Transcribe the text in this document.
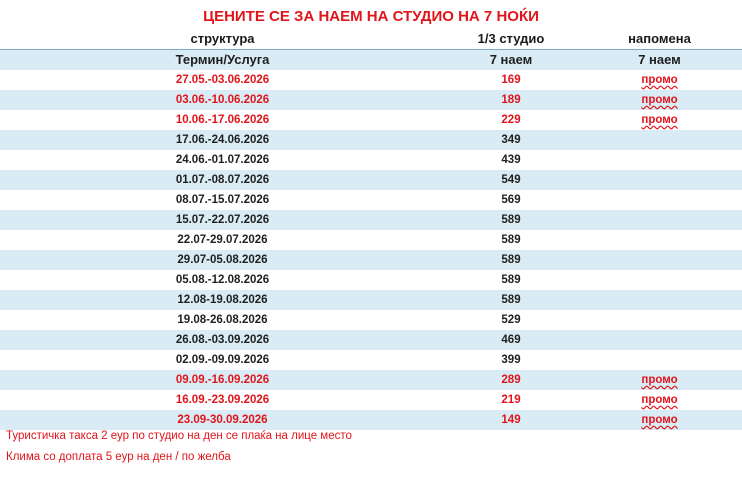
ЦЕНИТЕ СЕ ЗА НАЕМ НА СТУДИО НА 7 НОЌИ
структура	1/3 студио	напомена
Термин/Услуга	7 наем	7 наем
27.05.-03.06.2026	169	промо
03.06.-10.06.2026	189	промо
10.06.-17.06.2026	229	промо
17.06.-24.06.2026	349
24.06.-01.07.2026	439
01.07.-08.07.2026	549
08.07.-15.07.2026	569
15.07.-22.07.2026	589
22.07-29.07.2026	589
29.07-05.08.2026	589
05.08.-12.08.2026	589
12.08-19.08.2026	589
19.08-26.08.2026	529
26.08.-03.09.2026	469
02.09.-09.09.2026	399
09.09.-16.09.2026	289	промо
16.09.-23.09.2026	219	промо
23.09-30.09.2026	149	промо
Туристичка такса 2 еур по студио на ден се плаќа на лице место
Клима со доплата 5 еур на ден / по желба
